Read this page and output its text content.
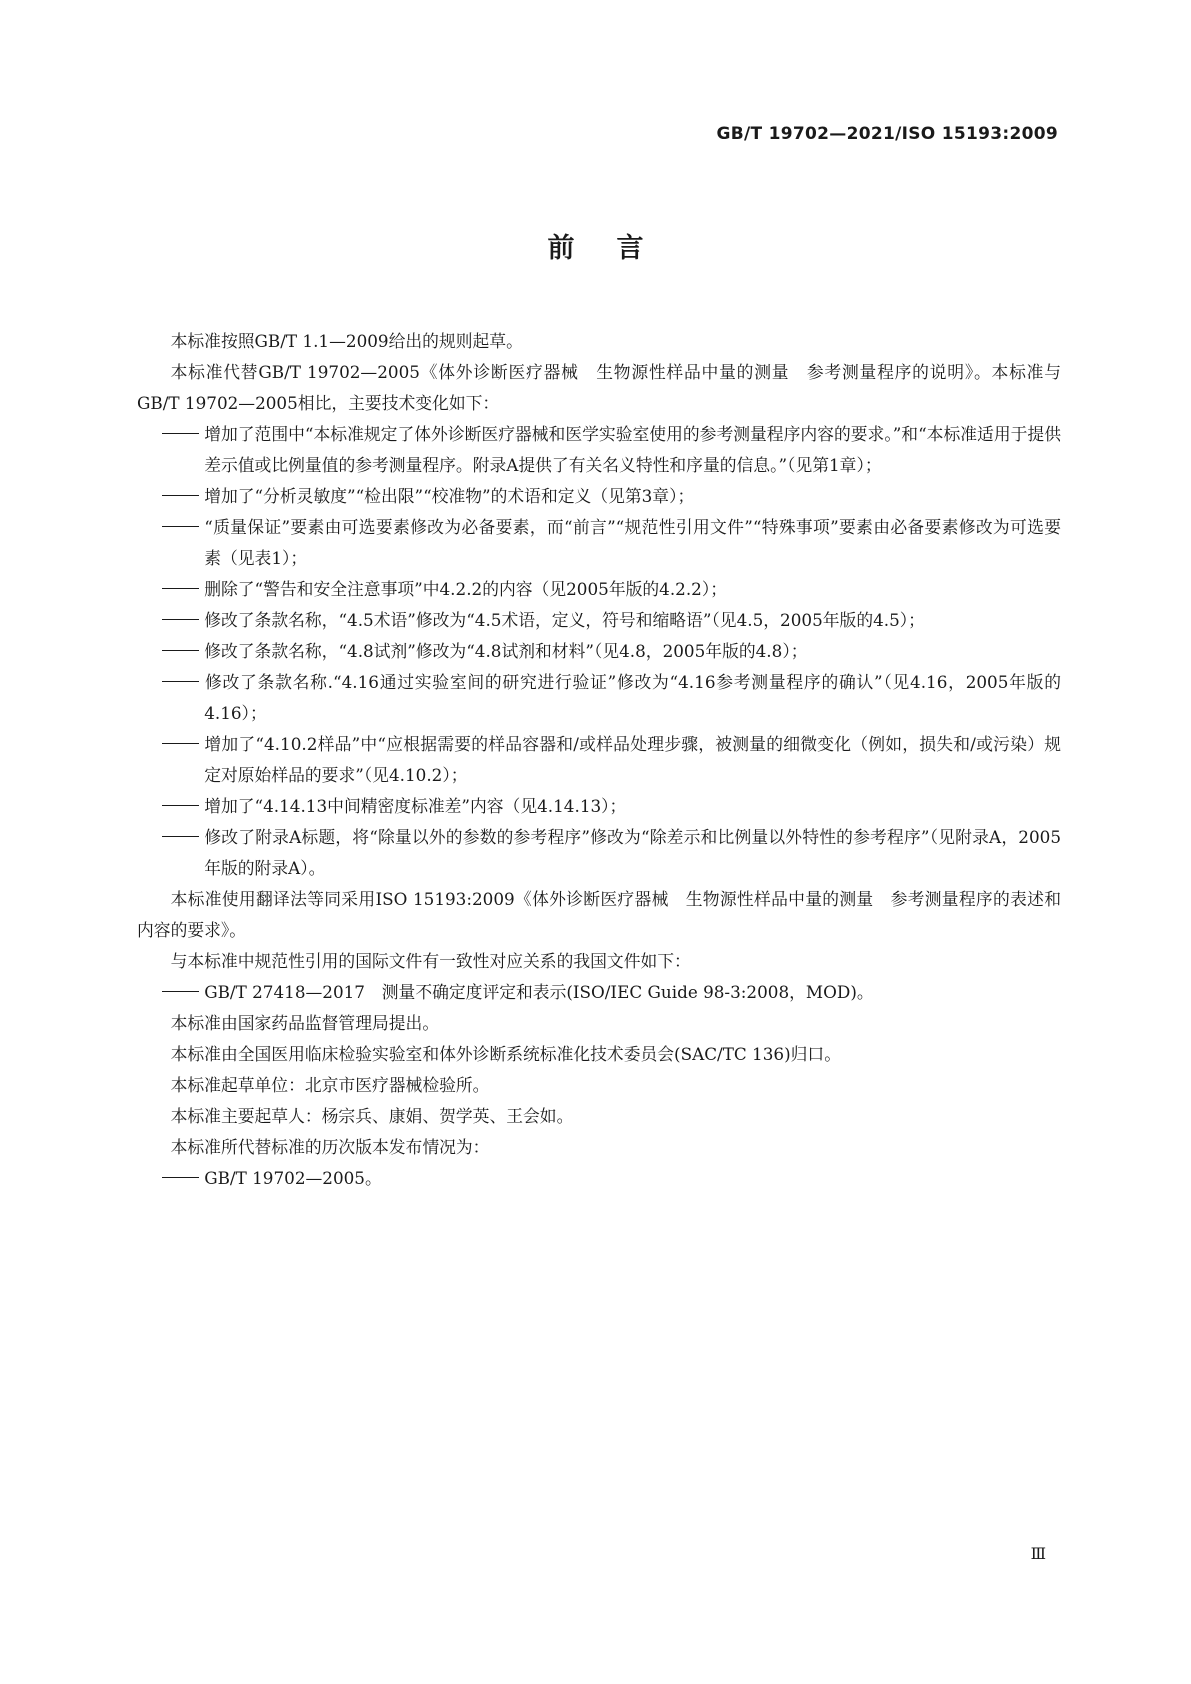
GB/T 19702—2021/ISO 15193:2009
前言

本标准按照GB/T 1.1—2009给出的规则起草。

本标准代替GB/T 19702—2005《体外诊断医疗器械　生物源性样品中量的测量　参考测量程序的说明》。本标准与GB/T 19702—2005相比，主要技术变化如下：

增加了范围中“本标准规定了体外诊断医疗器械和医学实验室使用的参考测量程序内容的要求。”和“本标准适用于提供差示值或比例量值的参考测量程序。附录A提供了有关名义特性和序量的信息。”（见第1章）；

增加了“分析灵敏度”“检出限”“校准物”的术语和定义（见第3章）；

“质量保证”要素由可选要素修改为必备要素，而“前言”“规范性引用文件”“特殊事项”要素由必备要素修改为可选要素（见表1）；

删除了“警告和安全注意事项”中4.2.2的内容（见2005年版的4.2.2）；

修改了条款名称，“4.5术语”修改为“4.5术语，定义，符号和缩略语”（见4.5，2005年版的4.5）；

修改了条款名称，“4.8试剂”修改为“4.8试剂和材料”（见4.8，2005年版的4.8）；

修改了条款名称.“4.16通过实验室间的研究进行验证”修改为“4.16参考测量程序的确认”（见4.16，2005年版的4.16）；

增加了“4.10.2样品”中“应根据需要的样品容器和/或样品处理步骤，被测量的细微变化（例如，损失和/或污染）规定对原始样品的要求”（见4.10.2）；

增加了“4.14.13中间精密度标准差”内容（见4.14.13）；

修改了附录A标题，将“除量以外的参数的参考程序”修改为“除差示和比例量以外特性的参考程序”（见附录A，2005年版的附录A）。

本标准使用翻译法等同采用ISO 15193:2009《体外诊断医疗器械　生物源性样品中量的测量　参考测量程序的表述和内容的要求》。

与本标准中规范性引用的国际文件有一致性对应关系的我国文件如下：

GB/T 27418—2017　测量不确定度评定和表示(ISO/IEC Guide 98-3:2008，MOD)。

本标准由国家药品监督管理局提出。

本标准由全国医用临床检验实验室和体外诊断系统标准化技术委员会(SAC/TC 136)归口。

本标准起草单位：北京市医疗器械检验所。

本标准主要起草人：杨宗兵、康娟、贺学英、王会如。

本标准所代替标准的历次版本发布情况为：

GB/T 19702—2005。

Ⅲ
